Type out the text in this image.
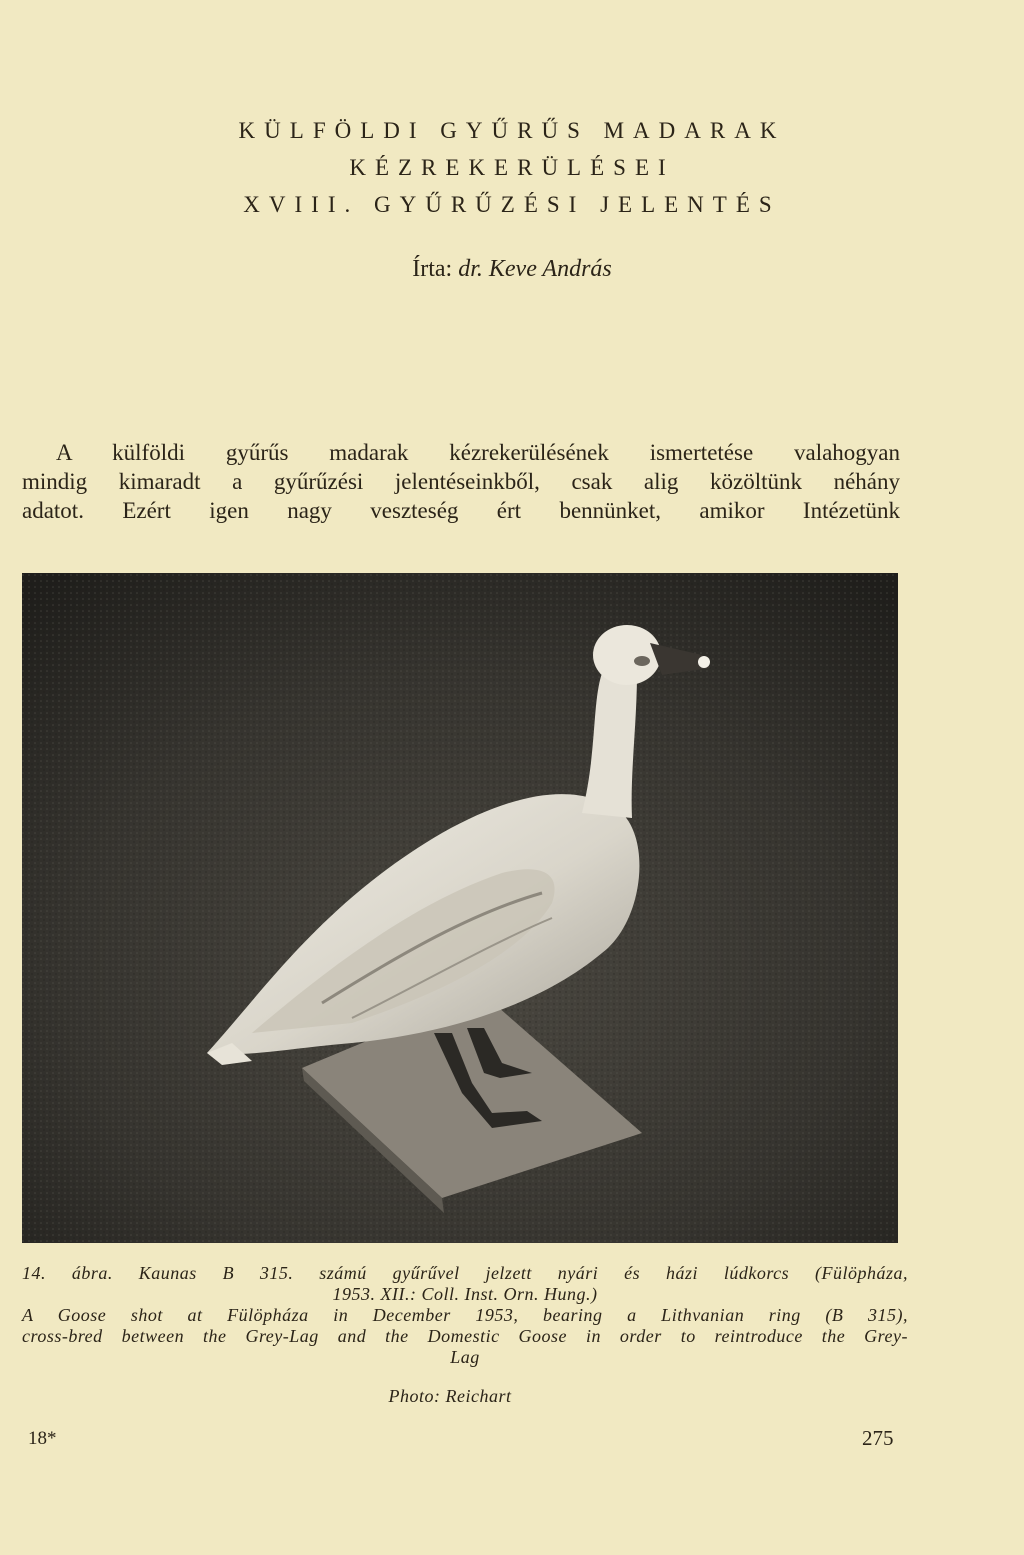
KÜLFÖLDI GYŰRŰS MADARAK
KÉZREKERÜLÉSEI
XVIII. GYŰRŰZÉSI JELENTÉS
Írta: dr. Keve András
A külföldi gyűrűs madarak kézrekerülésének ismertetése valahogyan
mindig kimaradt a gyűrűzési jelentéseinkből, csak alig közöltünk néhány
adatot. Ezért igen nagy veszteség ért bennünket, amikor Intézetünk
14. ábra. Kaunas B 315. számú gyűrűvel jelzett nyári és házi lúdkorcs (Fülöpháza,
1953. XII.: Coll. Inst. Orn. Hung.)
A Goose shot at Fülöpháza in December 1953, bearing a Lithvanian ring (B 315),
cross-bred between the Grey-Lag and the Domestic Goose in order to reintroduce the Grey-
Lag
Photo: Reichart
18*	275
